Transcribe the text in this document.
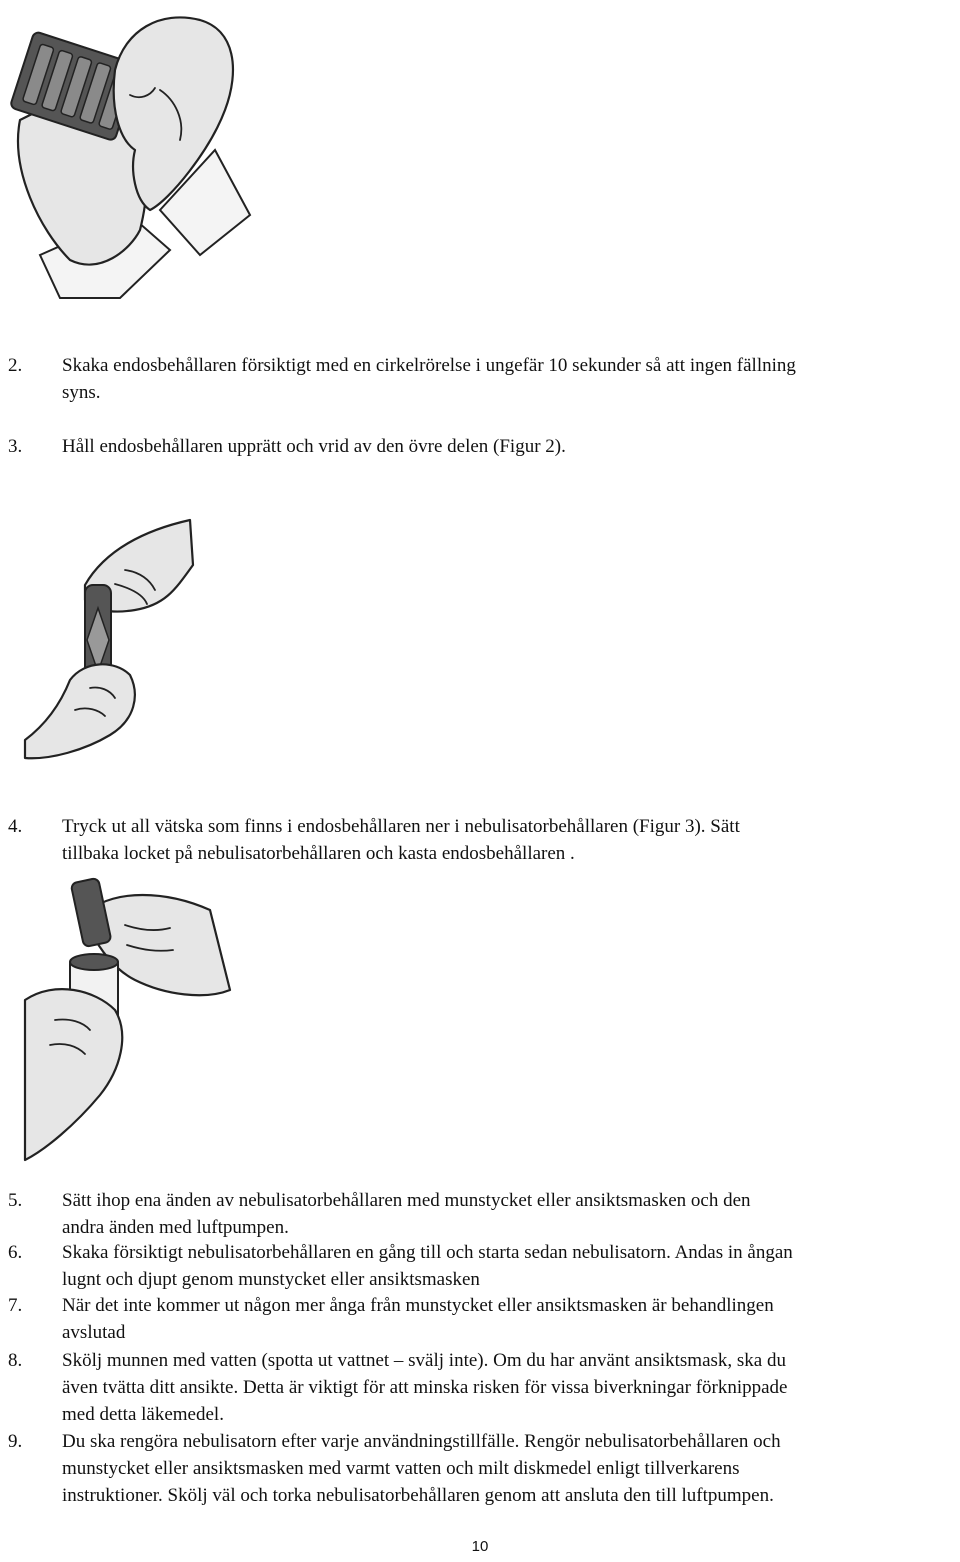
2. Skaka endosbehållaren försiktigt med en cirkelrörelse i ungefär 10 sekunder så att ingen fällning
syns.
3. Håll endosbehållaren upprätt och vrid av den övre delen (Figur 2).
4. Tryck ut all vätska som finns i endosbehållaren ner i nebulisatorbehållaren (Figur 3). Sätt
tillbaka locket på nebulisatorbehållaren och kasta endosbehållaren .
5. Sätt ihop ena änden av nebulisatorbehållaren med munstycket eller ansiktsmasken och den
andra änden med luftpumpen.
6. Skaka försiktigt nebulisatorbehållaren en gång till och starta sedan nebulisatorn. Andas in ångan
lugnt och djupt genom munstycket eller ansiktsmasken
7. När det inte kommer ut någon mer ånga från munstycket eller ansiktsmasken är behandlingen
avslutad
8. Skölj munnen med vatten (spotta ut vattnet – svälj inte). Om du har använt ansiktsmask, ska du
även tvätta ditt ansikte. Detta är viktigt för att minska risken för vissa biverkningar förknippade
med detta läkemedel.
9. Du ska rengöra nebulisatorn efter varje användningstillfälle. Rengör nebulisatorbehållaren och
munstycket eller ansiktsmasken med varmt vatten och milt diskmedel enligt tillverkarens
instruktioner. Skölj väl och torka nebulisatorbehållaren genom att ansluta den till luftpumpen.
10
